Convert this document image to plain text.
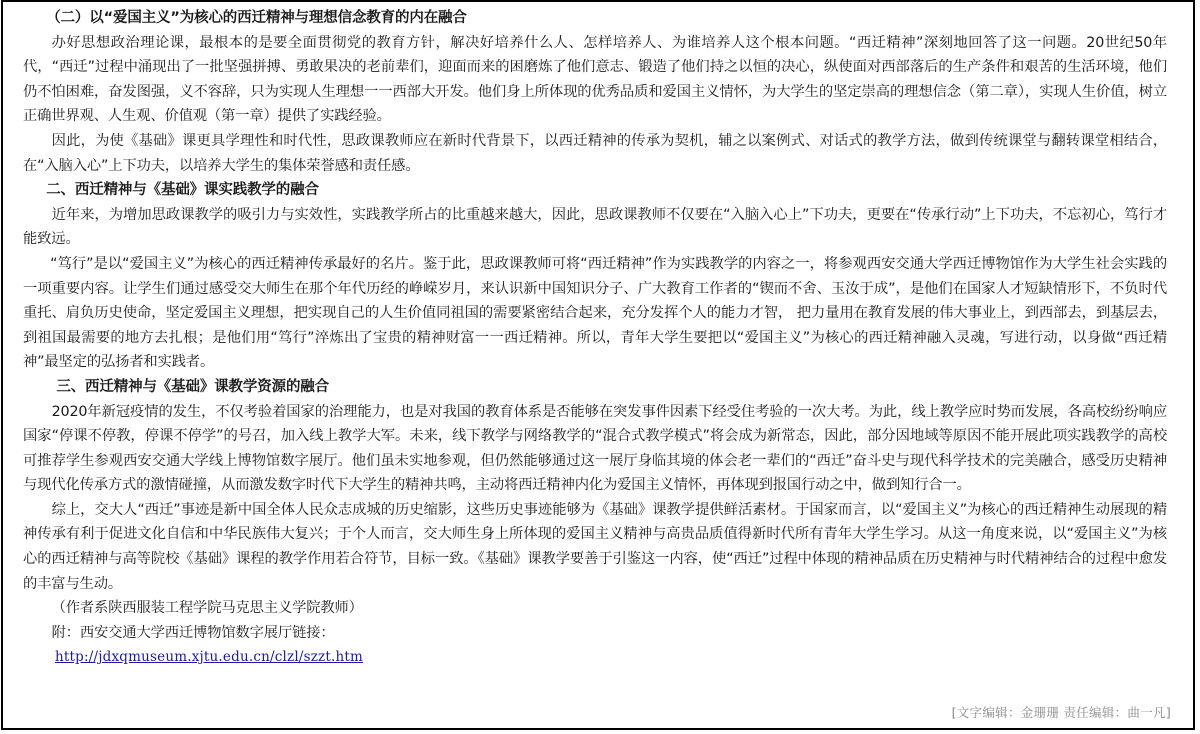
（二）以“爱国主义”为核心的西迁精神与理想信念教育的内在融合

办好思想政治理论课，最根本的是要全面贯彻党的教育方针，解决好培养什么人、怎样培养人、为谁培养人这个根本问题。“西迁精神”深刻地回答了这一问题。20世纪50年代，“西迁”过程中涌现出了一批坚强拼搏、勇敢果决的老前辈们，迎面而来的困磨炼了他们意志、锻造了他们持之以恒的决心，纵使面对西部落后的生产条件和艰苦的生活环境，他们仍不怕困难，奋发图强，义不容辞，只为实现人生理想一一西部大开发。他们身上所体现的优秀品质和爱国主义情怀，为大学生的坚定崇高的理想信念（第二章），实现人生价值，树立正确世界观、人生观、价值观（第一章）提供了实践经验。

因此，为使《基础》课更具学理性和时代性，思政课教师应在新时代背景下，以西迁精神的传承为契机，辅之以案例式、对话式的教学方法，做到传统课堂与翻转课堂相结合，在“入脑入心”上下功夫，以培养大学生的集体荣誉感和责任感。

二、西迁精神与《基础》课实践教学的融合

近年来，为增加思政课教学的吸引力与实效性，实践教学所占的比重越来越大，因此，思政课教师不仅要在“入脑入心上”下功夫，更要在“传承行动”上下功夫，不忘初心，笃行才能致远。

“笃行”是以“爱国主义”为核心的西迁精神传承最好的名片。鉴于此，思政课教师可将“西迁精神”作为实践教学的内容之一，将参观西安交通大学西迁博物馆作为大学生社会实践的一项重要内容。让学生们通过感受交大师生在那个年代历经的峥嵘岁月，来认识新中国知识分子、广大教育工作者的“锲而不舍、玉汝于成”，是他们在国家人才短缺情形下，不负时代重托、肩负历史使命，坚定爱国主义理想，把实现自己的人生价值同祖国的需要紧密结合起来，充分发挥个人的能力才智， 把力量用在教育发展的伟大事业上，到西部去，到基层去，到祖国最需要的地方去扎根；是他们用“笃行”淬炼出了宝贵的精神财富一一西迁精神。所以，青年大学生要把以“爱国主义”为核心的西迁精神融入灵魂，写进行动，以身做“西迁精神”最坚定的弘扬者和实践者。

三、西迁精神与《基础》课教学资源的融合

2020年新冠疫情的发生，不仅考验着国家的治理能力，也是对我国的教育体系是否能够在突发事件因素下经受住考验的一次大考。为此，线上教学应时势而发展，各高校纷纷响应国家“停课不停教，停课不停学”的号召，加入线上教学大军。未来，线下教学与网络教学的“混合式教学模式”将会成为新常态，因此，部分因地域等原因不能开展此项实践教学的高校可推荐学生参观西安交通大学线上博物馆数字展厅。他们虽未实地参观，但仍然能够通过这一展厅身临其境的体会老一辈们的“西迁”奋斗史与现代科学技术的完美融合，感受历史精神与现代化传承方式的激情碰撞，从而激发数字时代下大学生的精神共鸣，主动将西迁精神内化为爱国主义情怀，再体现到报国行动之中，做到知行合一。

综上，交大人“西迁”事迹是新中国全体人民众志成城的历史缩影，这些历史事迹能够为《基础》课教学提供鲜活素材。于国家而言，以“爱国主义”为核心的西迁精神生动展现的精神传承有利于促进文化自信和中华民族伟大复兴；于个人而言，交大师生身上所体现的爱国主义精神与高贵品质值得新时代所有青年大学生学习。从这一角度来说，以“爱国主义”为核心的西迁精神与高等院校《基础》课程的教学作用若合符节，目标一致。《基础》课教学要善于引鉴这一内容，使“西迁”过程中体现的精神品质在历史精神与时代精神结合的过程中愈发的丰富与生动。

（作者系陕西服装工程学院马克思主义学院教师）

附：西安交通大学西迁博物馆数字展厅链接：

http://jdxqmuseum.xjtu.edu.cn/clzl/szzt.htm

[文字编辑：金珊珊 责任编辑：曲一凡]
